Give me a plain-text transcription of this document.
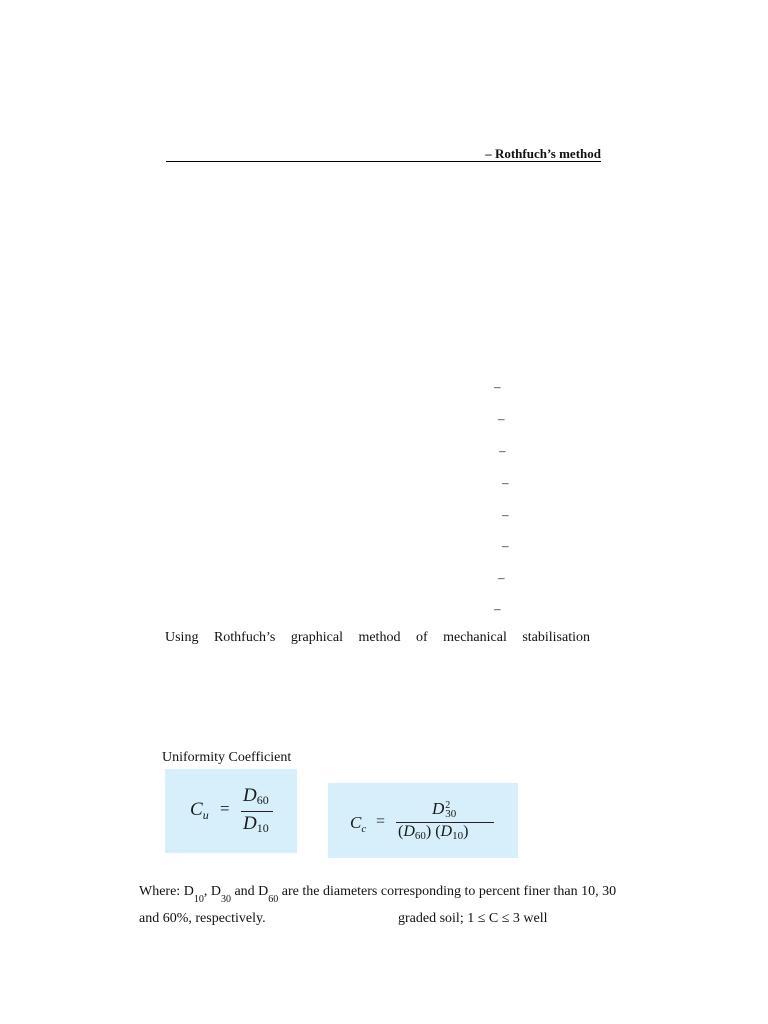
– Rothfuch’s method
–
–
–
–
–
–
–
–
Using Rothfuch’s graphical method of mechanical stabilisation
Uniformity Coefficient
$C_u$ =
D60
D10	$C_c$ =
D 2
30
(D60) (D10)
Where: $D_{10}$, $D_{30}$ and $D_{60}$ are the diameters corresponding to percent finer than 10, 30
and 60%, respectively.	graded soil; 1 ≤ C ≤ 3 well
